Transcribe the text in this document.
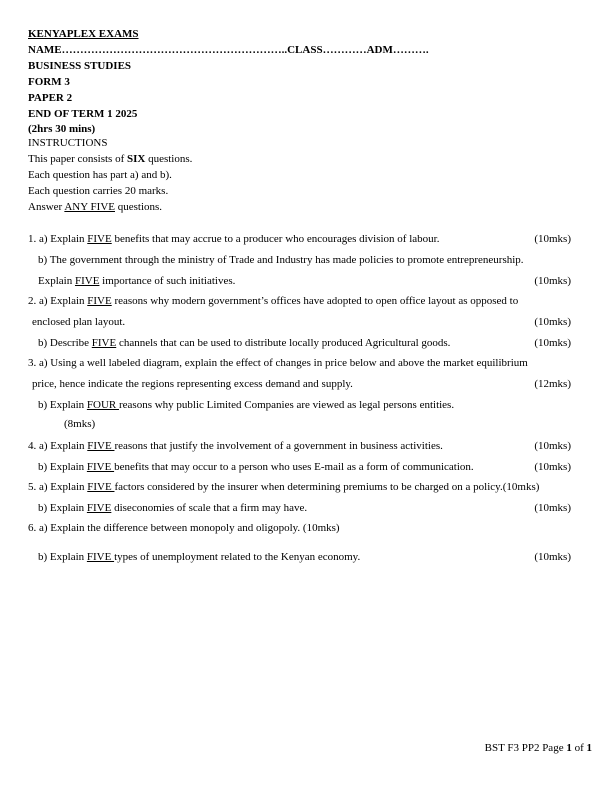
KENYAPLEX EXAMS
NAME……………………………………………………..CLASS…………ADM……….
BUSINESS STUDIES
FORM 3
PAPER 2
END OF TERM 1 2025
(2hrs 30 mins)
INSTRUCTIONS
This paper consists of SIX questions.
Each question has part a) and b).
Each question carries 20 marks.
Answer ANY FIVE questions.
1. a) Explain FIVE benefits that may accrue to a producer who encourages division of labour.	(10mks)
b) The government through the ministry of Trade and Industry has made policies to promote entrepreneurship.
Explain FIVE importance of such initiatives.	(10mks)
2. a) Explain FIVE reasons why modern government’s offices have adopted to open office layout as opposed to
enclosed plan layout.	(10mks)
b) Describe FIVE channels that can be used to distribute locally produced Agricultural goods.	(10mks)
3. a) Using a well labeled diagram, explain the effect of changes in price below and above the market equilibrium
price, hence indicate the regions representing excess demand and supply.	(12mks)
b) Explain FOUR reasons why public Limited Companies are viewed as legal persons entities.
(8mks)
4. a) Explain FIVE reasons that justify the involvement of a government in business activities.	(10mks)
b) Explain FIVE benefits that may occur to a person who uses E-mail as a form of communication.	(10mks)
5. a) Explain FIVE factors considered by the insurer when determining premiums to be charged on a policy.(10mks)
b) Explain FIVE diseconomies of scale that a firm may have.	(10mks)
6. a) Explain the difference between monopoly and oligopoly. (10mks)
b) Explain FIVE types of unemployment related to the Kenyan economy.	(10mks)
BST F3 PP2 Page 1 of 1
